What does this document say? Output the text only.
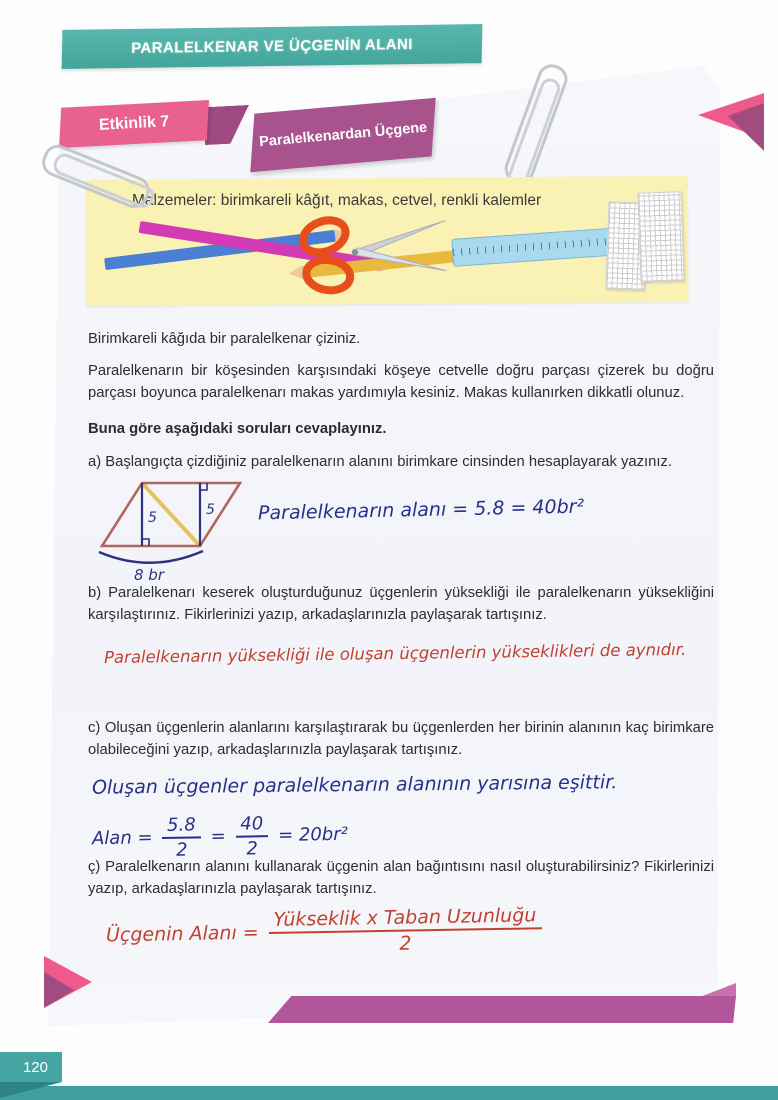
PARALELKENAR VE ÜÇGENİN ALANI
Etkinlik 7	Paralelkenardan Üçgene
Malzemeler: birimkareli kâğıt, makas, cetvel, renkli kalemler

Birimkareli kâğıda bir paralelkenar çiziniz.

Paralelkenarın bir köşesinden karşısındaki köşeye cetvelle doğru parçası çizerek bu doğru parçası boyunca paralelkenarı makas yardımıyla kesiniz. Makas kullanırken dikkatli olunuz.

Buna göre aşağıdaki soruları cevaplayınız.

a) Başlangıçta çizdiğiniz paralelkenarın alanını birimkare cinsinden hesaplayarak yazınız.

5	5
8 br
Paralelkenarın alanı = 5.8 = 40br²

b) Paralelkenarı keserek oluşturduğunuz üçgenlerin yüksekliği ile paralelkenarın yüksekliğini karşılaştırınız. Fikirlerinizi yazıp, arkadaşlarınızla paylaşarak tartışınız.

Paralelkenarın yüksekliği ile oluşan üçgenlerin yükseklikleri de aynıdır.

c) Oluşan üçgenlerin alanlarını karşılaştırarak bu üçgenlerden her birinin alanının kaç birimkare olabileceğini yazıp, arkadaşlarınızla paylaşarak tartışınız.

Oluşan üçgenler paralelkenarın alanının yarısına eşittir.
Alan = $\frac{5.8}{2} = \frac{40}{2} = 20br^2$

ç) Paralelkenarın alanını kullanarak üçgenin alan bağıntısını nasıl oluşturabilirsiniz? Fikirlerinizi yazıp, arkadaşlarınızla paylaşarak tartışınız.

Üçgenin Alanı = $\frac{\text{Yükseklik x Taban Uzunluğu}}{2}$
120
